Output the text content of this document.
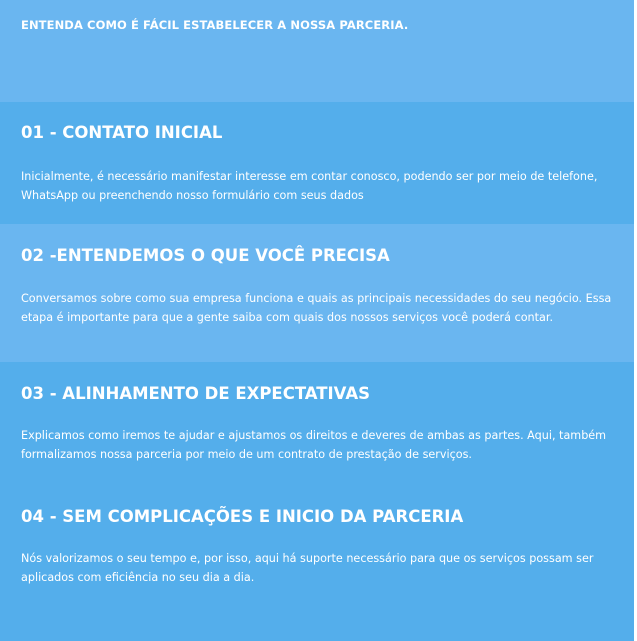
ENTENDA COMO É FÁCIL ESTABELECER A NOSSA PARCERIA.
01 - CONTATO INICIAL

Inicialmente, é necessário manifestar interesse em contar conosco, podendo ser por meio de telefone, WhatsApp ou preenchendo nosso formulário com seus dados

02 -ENTENDEMOS O QUE VOCÊ PRECISA

Conversamos sobre como sua empresa funciona e quais as principais necessidades do seu negócio. Essa etapa é importante para que a gente saiba com quais dos nossos serviços você poderá contar.

03 - ALINHAMENTO DE EXPECTATIVAS

Explicamos como iremos te ajudar e ajustamos os direitos e deveres de ambas as partes. Aqui, também formalizamos nossa parceria por meio de um contrato de prestação de serviços.

04 - SEM COMPLICAÇÕES E INICIO DA PARCERIA

Nós valorizamos o seu tempo e, por isso, aqui há suporte necessário para que os serviços possam ser aplicados com eficiência no seu dia a dia.
